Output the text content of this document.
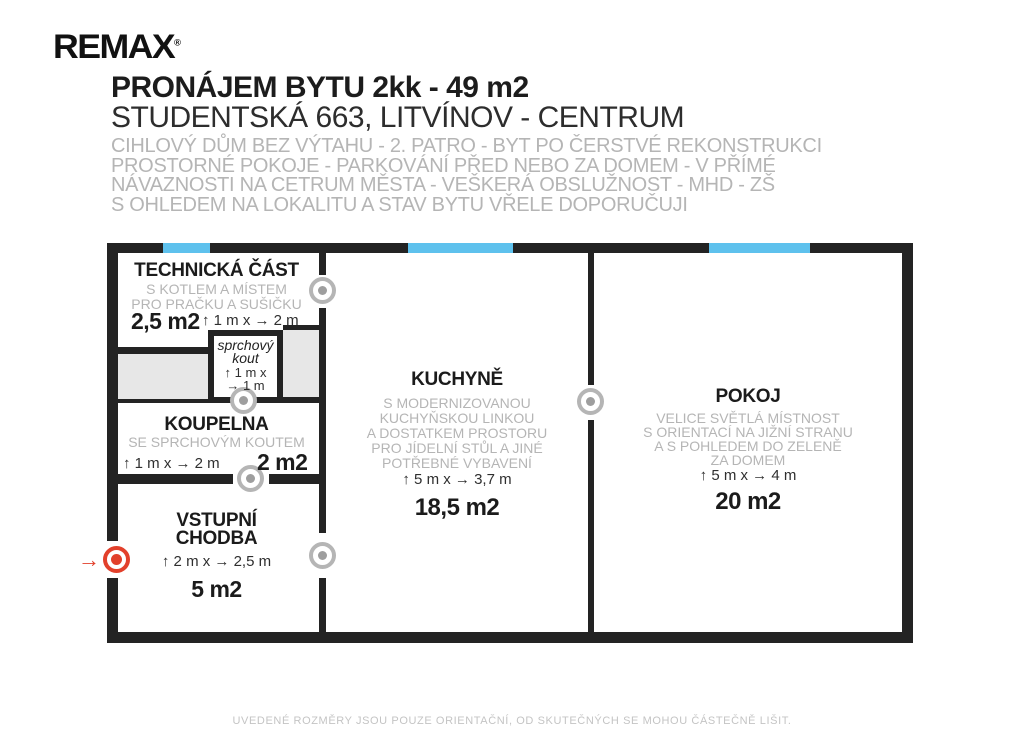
REMAX®
PRONÁJEM BYTU 2kk - 49 m2
STUDENTSKÁ 663, LITVÍNOV - CENTRUM
CIHLOVÝ DŮM BEZ VÝTAHU - 2. PATRO - BYT PO ČERSTVÉ REKONSTRUKCI
PROSTORNÉ POKOJE - PARKOVÁNÍ PŘED NEBO ZA DOMEM - V PŘÍMÉ
NÁVAZNOSTI NA CETRUM MĚSTA - VEŠKERÁ OBSLUŽNOST - MHD - ZŠ
S OHLEDEM NA LOKALITU A STAV BYTU VŘELE DOPORUČUJI
→
TECHNICKÁ ČÁST
S KOTLEM A MÍSTEM
PRO PRAČKU A SUŠIČKU
2,5 m2 ↑ 1 m x → 2 m
sprchový
kout
↑ 1 m x
→ 1 m
KOUPELNA
SE SPRCHOVÝM KOUTEM
↑ 1 m x → 2 m 2 m2
VSTUPNÍ
CHODBA
↑ 2 m x → 2,5 m
5 m2
KUCHYNĚ
S MODERNIZOVANOU
KUCHYŇSKOU LINKOU
A DOSTATKEM PROSTORU
PRO JÍDELNÍ STŮL A JINÉ
POTŘEBNÉ VYBAVENÍ
↑ 5 m x → 3,7 m
18,5 m2
POKOJ
VELICE SVĚTLÁ MÍSTNOST
S ORIENTACÍ NA JIŽNÍ STRANU
A S POHLEDEM DO ZELENĚ
ZA DOMEM
↑ 5 m x → 4 m
20 m2
UVEDENÉ ROZMĚRY JSOU POUZE ORIENTAČNÍ, OD SKUTEČNÝCH SE MOHOU ČÁSTEČNĚ LIŠIT.
